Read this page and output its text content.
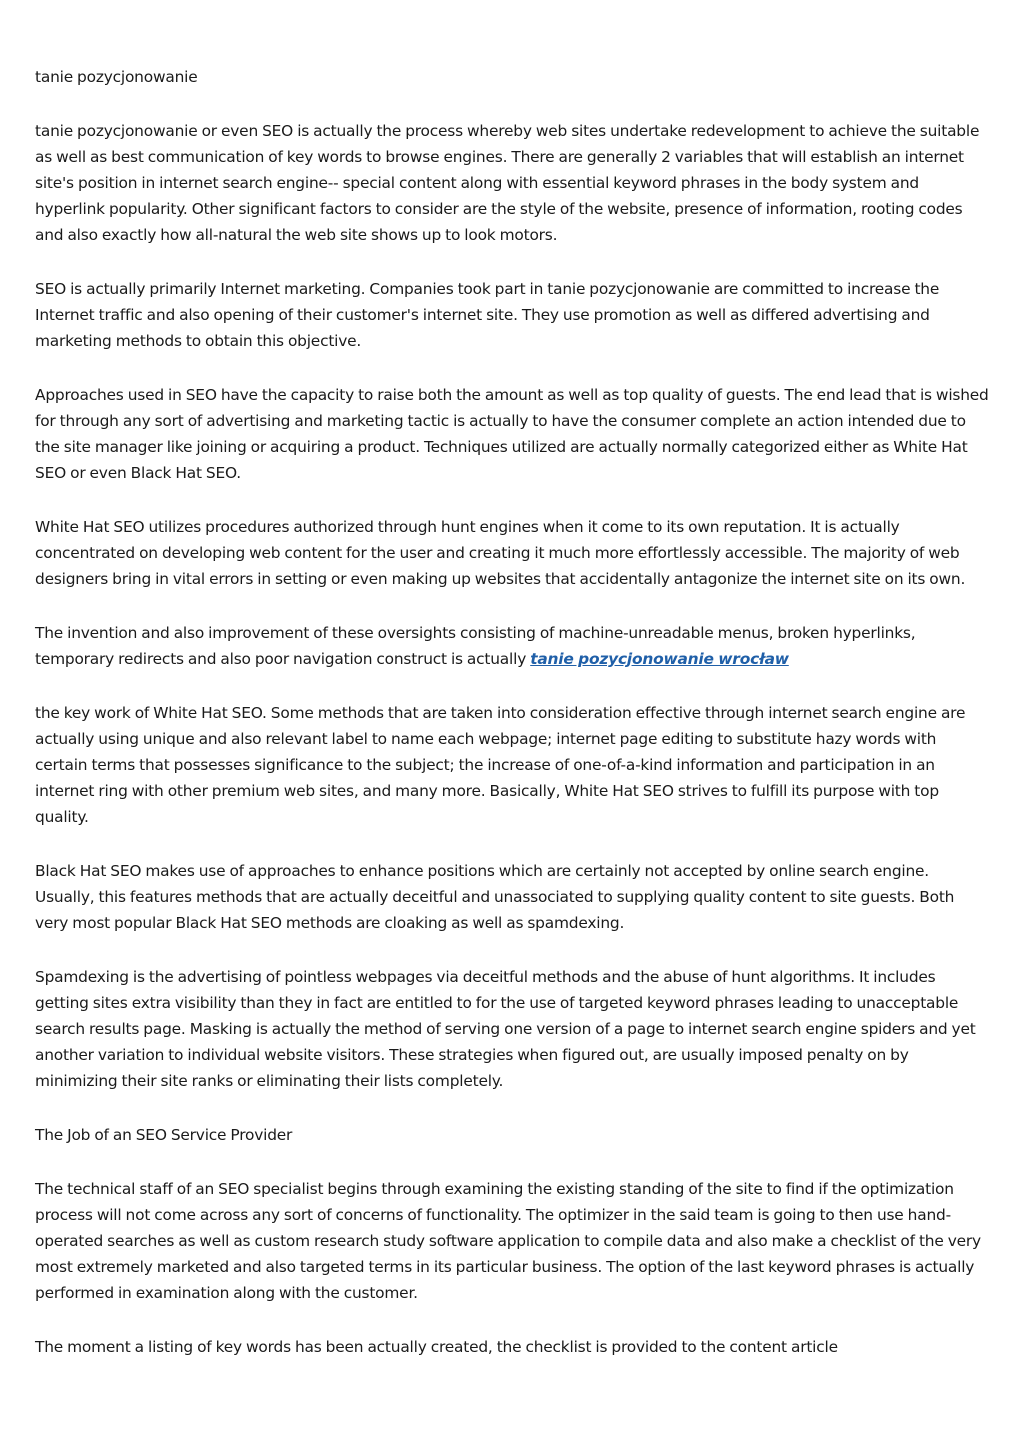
tanie pozycjonowanie

tanie pozycjonowanie or even SEO is actually the process whereby web sites undertake redevelopment to achieve the suitable as well as best communication of key words to browse engines. There are generally 2 variables that will establish an internet site's position in internet search engine-- special content along with essential keyword phrases in the body system and hyperlink popularity. Other significant factors to consider are the style of the website, presence of information, rooting codes and also exactly how all-natural the web site shows up to look motors.

SEO is actually primarily Internet marketing. Companies took part in tanie pozycjonowanie are committed to increase the Internet traffic and also opening of their customer's internet site. They use promotion as well as differed advertising and marketing methods to obtain this objective.

Approaches used in SEO have the capacity to raise both the amount as well as top quality of guests. The end lead that is wished for through any sort of advertising and marketing tactic is actually to have the consumer complete an action intended due to the site manager like joining or acquiring a product. Techniques utilized are actually normally categorized either as White Hat SEO or even Black Hat SEO.

White Hat SEO utilizes procedures authorized through hunt engines when it come to its own reputation. It is actually concentrated on developing web content for the user and creating it much more effortlessly accessible. The majority of web designers bring in vital errors in setting or even making up websites that accidentally antagonize the internet site on its own.

The invention and also improvement of these oversights consisting of machine-unreadable menus, broken hyperlinks, temporary redirects and also poor navigation construct is actually tanie pozycjonowanie wrocław

the key work of White Hat SEO. Some methods that are taken into consideration effective through internet search engine are actually using unique and also relevant label to name each webpage; internet page editing to substitute hazy words with certain terms that possesses significance to the subject; the increase of one-of-a-kind information and participation in an internet ring with other premium web sites, and many more. Basically, White Hat SEO strives to fulfill its purpose with top quality.

Black Hat SEO makes use of approaches to enhance positions which are certainly not accepted by online search engine. Usually, this features methods that are actually deceitful and unassociated to supplying quality content to site guests. Both very most popular Black Hat SEO methods are cloaking as well as spamdexing.

Spamdexing is the advertising of pointless webpages via deceitful methods and the abuse of hunt algorithms. It includes getting sites extra visibility than they in fact are entitled to for the use of targeted keyword phrases leading to unacceptable search results page. Masking is actually the method of serving one version of a page to internet search engine spiders and yet another variation to individual website visitors. These strategies when figured out, are usually imposed penalty on by minimizing their site ranks or eliminating their lists completely.

The Job of an SEO Service Provider

The technical staff of an SEO specialist begins through examining the existing standing of the site to find if the optimization process will not come across any sort of concerns of functionality. The optimizer in the said team is going to then use hand-operated searches as well as custom research study software application to compile data and also make a checklist of the very most extremely marketed and also targeted terms in its particular business. The option of the last keyword phrases is actually performed in examination along with the customer.

The moment a listing of key words has been actually created, the checklist is provided to the content article
